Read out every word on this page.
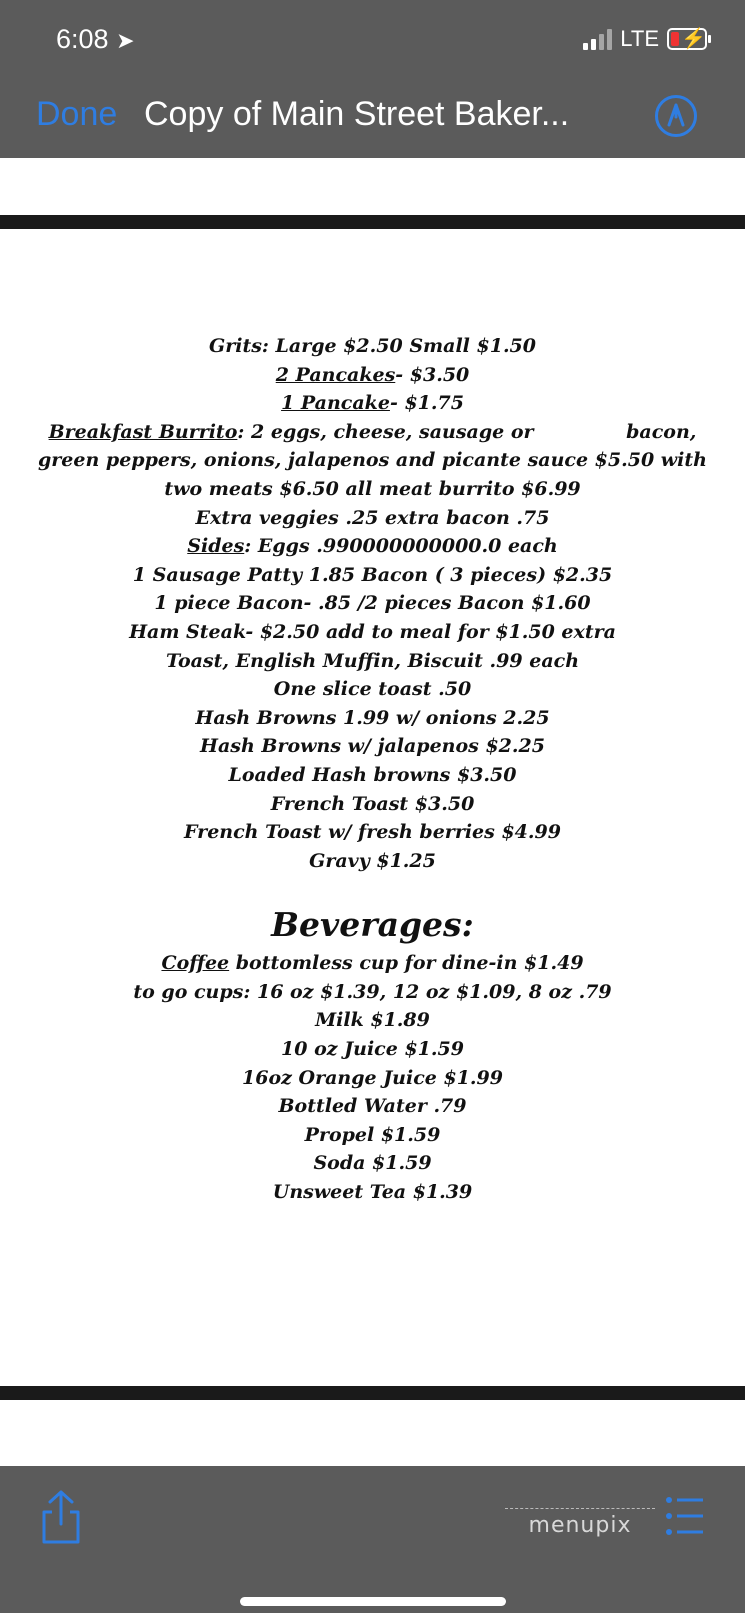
6:08 ➤	LTE ⚡
Done Copy of Main Street Baker...
Grits: Large $2.50 Small $1.50
2 Pancakes- $3.50
1 Pancake- $1.75
Breakfast Burrito: 2 eggs, cheese, sausage or              bacon,
green peppers, onions, jalapenos and picante sauce $5.50 with
two meats $6.50 all meat burrito $6.99
Extra veggies .25 extra bacon .75
Sides: Eggs .990000000000.0 each
1 Sausage Patty 1.85 Bacon ( 3 pieces) $2.35
1 piece Bacon- .85 /2 pieces Bacon $1.60
Ham Steak- $2.50 add to meal for $1.50 extra
Toast, English Muffin, Biscuit .99 each
One slice toast .50
Hash Browns 1.99 w/ onions 2.25
Hash Browns w/ jalapenos $2.25
Loaded Hash browns $3.50
French Toast $3.50
French Toast w/ fresh berries $4.99
Gravy $1.25
Beverages:
Coffee bottomless cup for dine-in $1.49
to go cups: 16 oz $1.39, 12 oz $1.09, 8 oz .79
Milk $1.89
10 oz Juice $1.59
16oz Orange Juice $1.99
Bottled Water .79
Propel $1.59
Soda $1.59
Unsweet Tea $1.39
menupix
